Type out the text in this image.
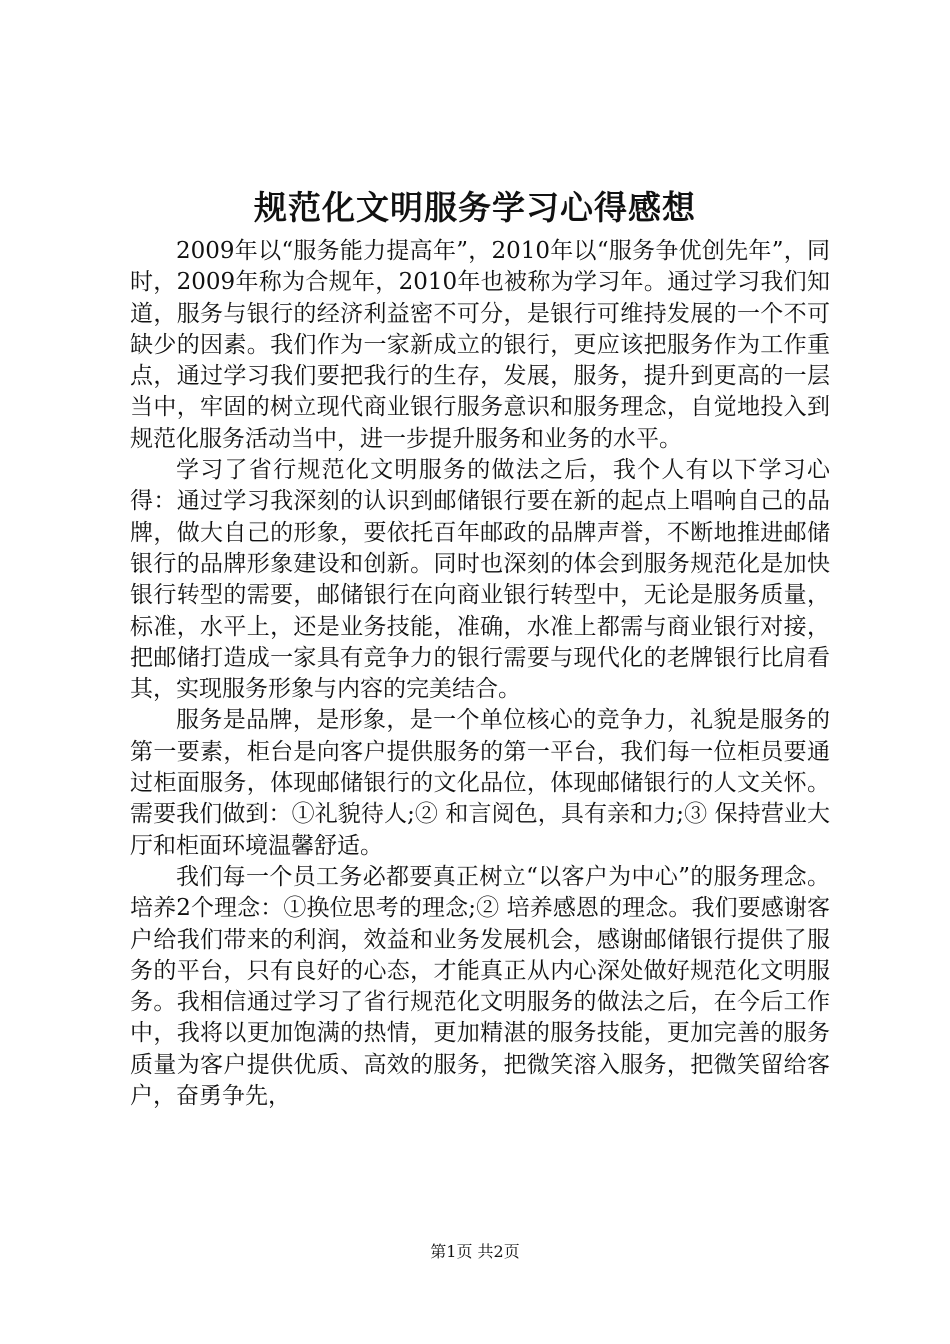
规范化文明服务学习心得感想

2009年以“服务能力提高年”，2010年以“服务争优创先年”，同时，2009年称为合规年，2010年也被称为学习年。通过学习我们知道，服务与银行的经济利益密不可分，是银行可维持发展的一个不可缺少的因素。我们作为一家新成立的银行，更应该把服务作为工作重点，通过学习我们要把我行的生存，发展，服务，提升到更高的一层当中，牢固的树立现代商业银行服务意识和服务理念，自觉地投入到规范化服务活动当中，进一步提升服务和业务的水平。

学习了省行规范化文明服务的做法之后，我个人有以下学习心得：通过学习我深刻的认识到邮储银行要在新的起点上唱响自己的品牌，做大自己的形象，要依托百年邮政的品牌声誉，不断地推进邮储银行的品牌形象建设和创新。同时也深刻的体会到服务规范化是加快银行转型的需要，邮储银行在向商业银行转型中，无论是服务质量，标准，水平上，还是业务技能，准确，水准上都需与商业银行对接，把邮储打造成一家具有竞争力的银行需要与现代化的老牌银行比肩看其，实现服务形象与内容的完美结合。

服务是品牌，是形象，是一个单位核心的竞争力，礼貌是服务的第一要素，柜台是向客户提供服务的第一平台，我们每一位柜员要通过柜面服务，体现邮储银行的文化品位，体现邮储银行的人文关怀。需要我们做到：①礼貌待人;② 和言阅色，具有亲和力;③ 保持营业大厅和柜面环境温馨舒适。

我们每一个员工务必都要真正树立“以客户为中心”的服务理念。培养2个理念：①换位思考的理念;② 培养感恩的理念。我们要感谢客户给我们带来的利润，效益和业务发展机会，感谢邮储银行提供了服务的平台，只有良好的心态，才能真正从内心深处做好规范化文明服务。我相信通过学习了省行规范化文明服务的做法之后，在今后工作中，我将以更加饱满的热情，更加精湛的服务技能，更加完善的服务质量为客户提供优质、高效的服务，把微笑溶入服务，把微笑留给客户，奋勇争先，

第1页 共2页
